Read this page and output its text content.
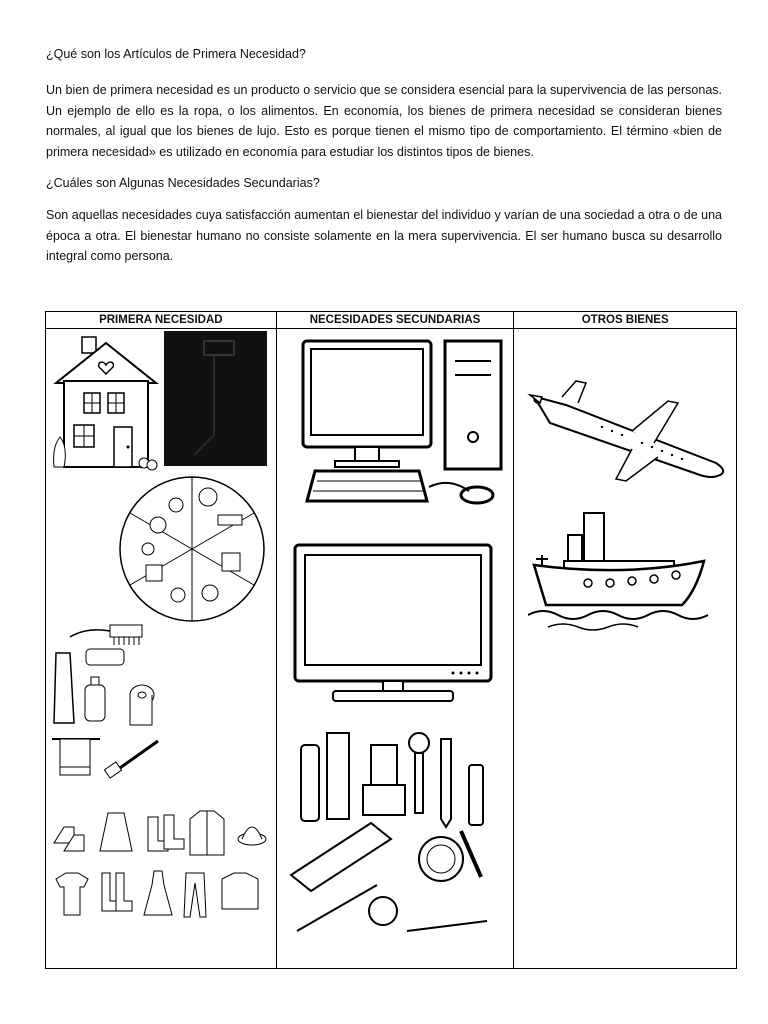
¿Qué son los Artículos de Primera Necesidad?
Un bien de primera necesidad es un producto o servicio que se considera esencial para la supervivencia de las personas. Un ejemplo de ello es la ropa, o los alimentos. En economía, los bienes de primera necesidad se consideran bienes normales, al igual que los bienes de lujo. Esto es porque tienen el mismo tipo de comportamiento. El término «bien de primera necesidad» es utilizado en economía para estudiar los distintos tipos de bienes.
¿Cuáles son Algunas Necesidades Secundarias?
Son aquellas necesidades cuya satisfacción aumentan el bienestar del individuo y varían de una sociedad a otra o de una época a otra. El bienestar humano no consiste solamente en la mera supervivencia. El ser humano busca su desarrollo integral como persona.
PRIMERA NECESIDAD	NECESIDADES SECUNDARIAS	OTROS BIENES
